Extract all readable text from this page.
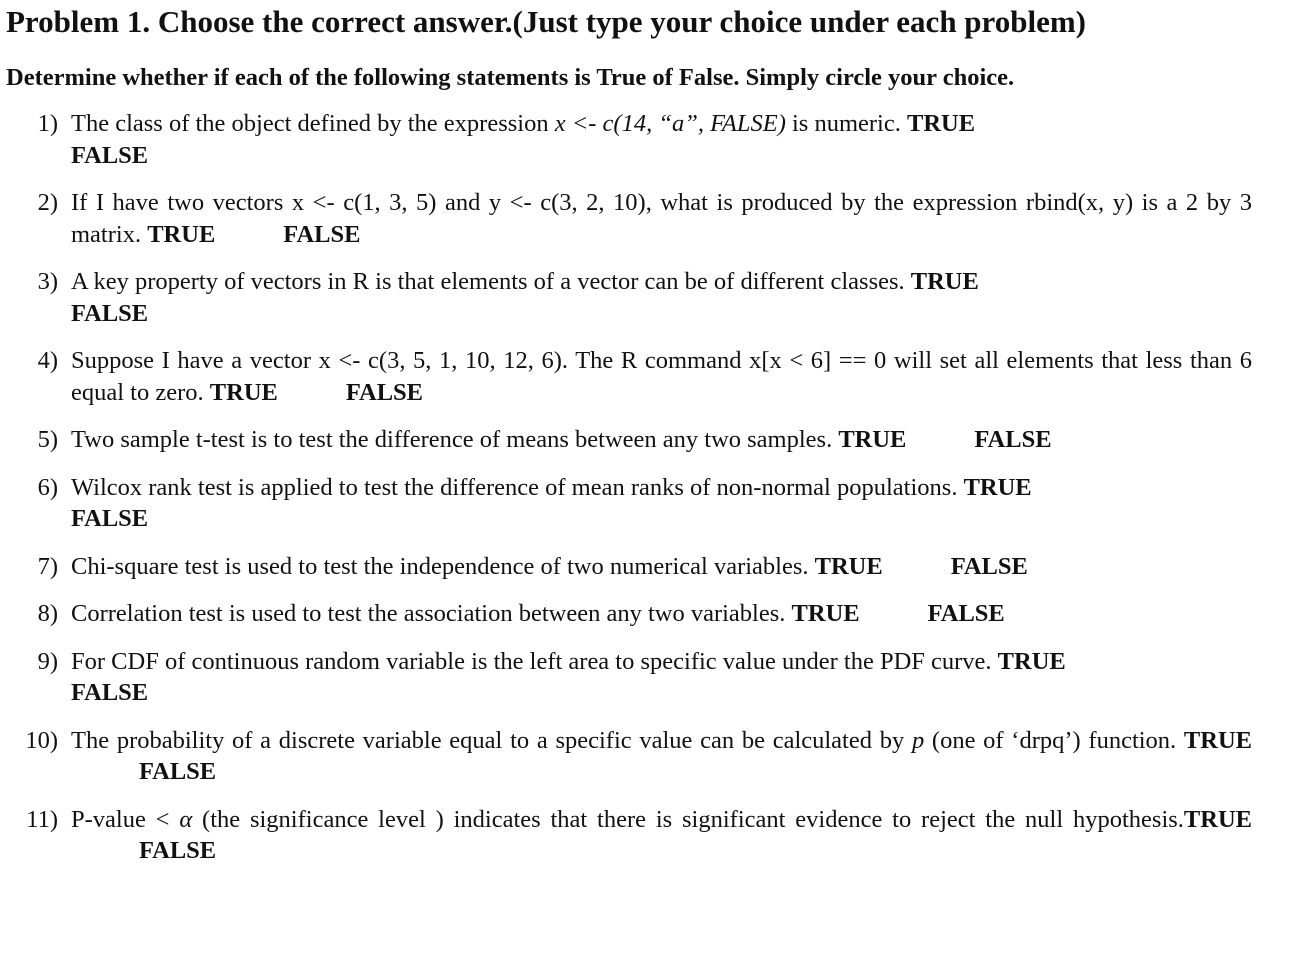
Problem 1. Choose the correct answer.(Just type your choice under each problem)
Determine whether if each of the following statements is True of False. Simply circle your choice.
1) The class of the object defined by the expression x <- c(14, “a”, FALSE) is numeric. TRUE
FALSE
2) If I have two vectors x <- c(1, 3, 5) and y <- c(3, 2, 10), what is produced by the expression rbind(x, y) is a 2 by 3 matrix. TRUE	FALSE
3) A key property of vectors in R is that elements of a vector can be of different classes. TRUE
FALSE
4) Suppose I have a vector x <- c(3, 5, 1, 10, 12, 6). The R command x[x < 6] == 0 will set all elements that less than 6 equal to zero. TRUE	FALSE
5) Two sample t-test is to test the difference of means between any two samples. TRUE	FALSE
6) Wilcox rank test is applied to test the difference of mean ranks of non-normal populations. TRUE
FALSE
7) Chi-square test is used to test the independence of two numerical variables. TRUE	FALSE
8) Correlation test is used to test the association between any two variables. TRUE	FALSE
9) For CDF of continuous random variable is the left area to specific value under the PDF curve. TRUE
FALSE
10) The probability of a discrete variable equal to a specific value can be calculated by p (one of ‘drpq’) function. TRUEFALSE
11) P-value < α (the significance level ) indicates that there is significant evidence to reject the null hypothesis.TRUEFALSE
